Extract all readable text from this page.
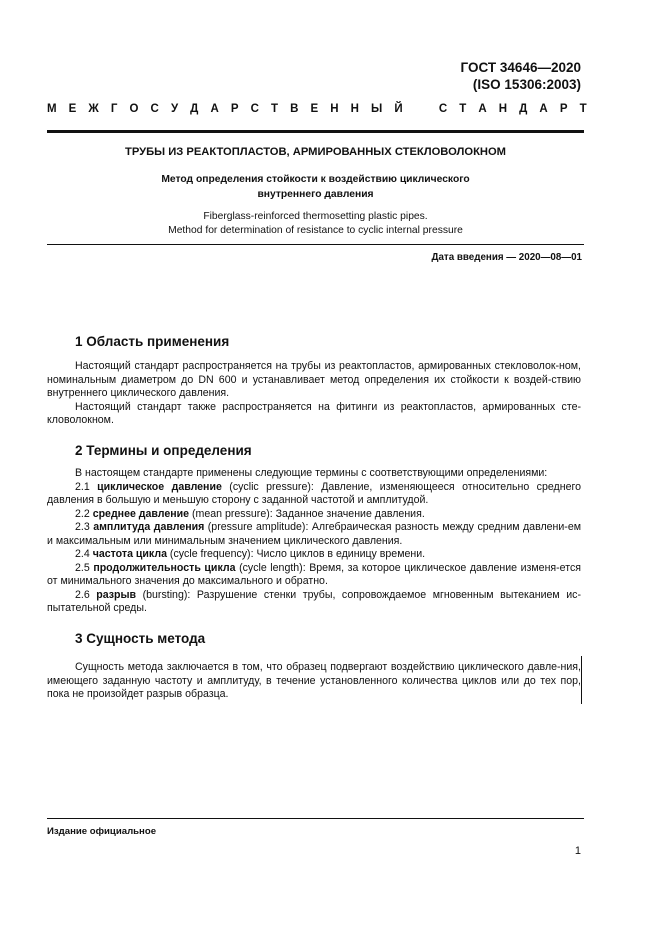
ГОСТ 34646—2020
(ISO 15306:2003)
М Е Ж Г О С У Д А Р С Т В Е Н Н Ы Й	С Т А Н Д А Р Т
ТРУБЫ ИЗ РЕАКТОПЛАСТОВ, АРМИРОВАННЫХ СТЕКЛОВОЛОКНОМ
Метод определения стойкости к воздействию циклического
внутреннего давления
Fiberglass-reinforced thermosetting plastic pipes.
Method for determination of resistance to cyclic internal pressure
Дата введения — 2020—08—01
1 Область применения

Настоящий стандарт распространяется на трубы из реактопластов, армированных стекловолок-ном, номинальным диаметром до DN 600 и устанавливает метод определения их стойкости к воздей-ствию внутреннего циклического давления.

Настоящий стандарт также распространяется на фитинги из реактопластов, армированных сте-кловолокном.

2 Термины и определения

В настоящем стандарте применены следующие термины с соответствующими определениями:

2.1 циклическое давление (cyclic pressure): Давление, изменяющееся относительно среднего давления в большую и меньшую сторону с заданной частотой и амплитудой.

2.2 среднее давление (mean pressure): Заданное значение давления.

2.3 амплитуда давления (pressure amplitude): Алгебраическая разность между средним давлени-ем и максимальным или минимальным значением циклического давления.

2.4 частота цикла (cycle frequency): Число циклов в единицу времени.

2.5 продолжительность цикла (cycle length): Время, за которое циклическое давление изменя-ется от минимального значения до максимального и обратно.

2.6 разрыв (bursting): Разрушение стенки трубы, сопровождаемое мгновенным вытеканием ис-пытательной среды.

3 Сущность метода

Сущность метода заключается в том, что образец подвергают воздействию циклического давле-ния, имеющего заданную частоту и амплитуду, в течение установленного количества циклов или до тех пор, пока не произойдет разрыв образца.

Издание официальное
1
